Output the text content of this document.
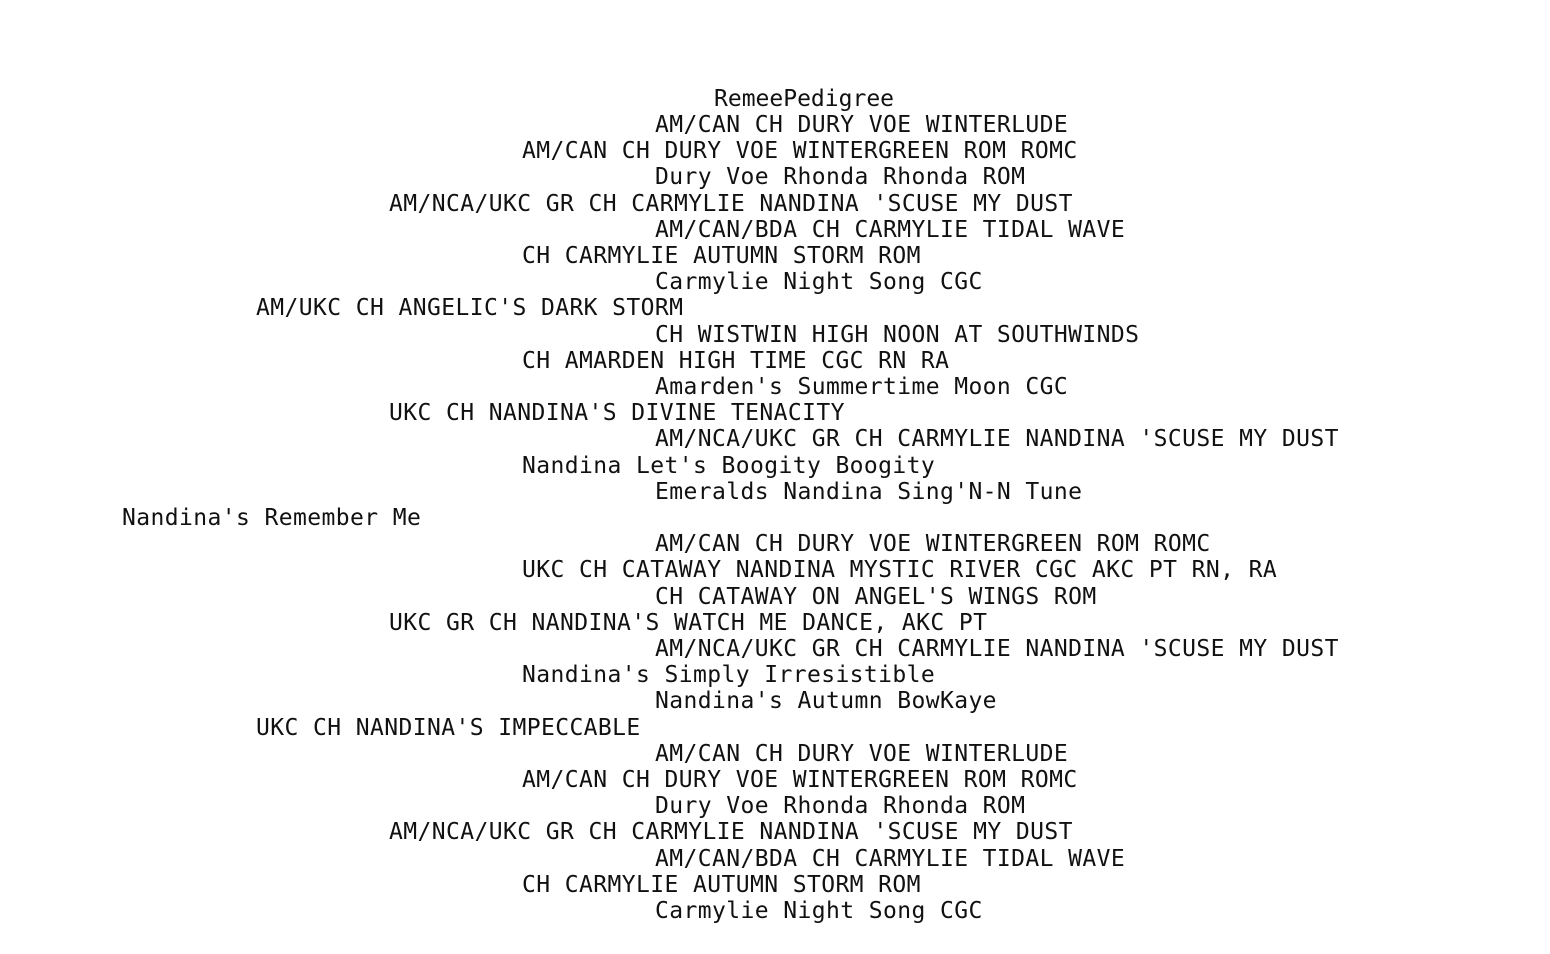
RemeePedigree
AM/CAN CH DURY VOE WINTERLUDE
AM/CAN CH DURY VOE WINTERGREEN ROM ROMC
Dury Voe Rhonda Rhonda ROM
AM/NCA/UKC GR CH CARMYLIE NANDINA 'SCUSE MY DUST
AM/CAN/BDA CH CARMYLIE TIDAL WAVE
CH CARMYLIE AUTUMN STORM ROM
Carmylie Night Song CGC
AM/UKC CH ANGELIC'S DARK STORM
CH WISTWIN HIGH NOON AT SOUTHWINDS
CH AMARDEN HIGH TIME CGC RN RA
Amarden's Summertime Moon CGC
UKC CH NANDINA'S DIVINE TENACITY
AM/NCA/UKC GR CH CARMYLIE NANDINA 'SCUSE MY DUST
Nandina Let's Boogity Boogity
Emeralds Nandina Sing'N-N Tune
Nandina's Remember Me
AM/CAN CH DURY VOE WINTERGREEN ROM ROMC
UKC CH CATAWAY NANDINA MYSTIC RIVER CGC AKC PT RN, RA
CH CATAWAY ON ANGEL'S WINGS ROM
UKC GR CH NANDINA'S WATCH ME DANCE, AKC PT
AM/NCA/UKC GR CH CARMYLIE NANDINA 'SCUSE MY DUST
Nandina's Simply Irresistible
Nandina's Autumn BowKaye
UKC CH NANDINA'S IMPECCABLE
AM/CAN CH DURY VOE WINTERLUDE
AM/CAN CH DURY VOE WINTERGREEN ROM ROMC
Dury Voe Rhonda Rhonda ROM
AM/NCA/UKC GR CH CARMYLIE NANDINA 'SCUSE MY DUST
AM/CAN/BDA CH CARMYLIE TIDAL WAVE
CH CARMYLIE AUTUMN STORM ROM
Carmylie Night Song CGC
